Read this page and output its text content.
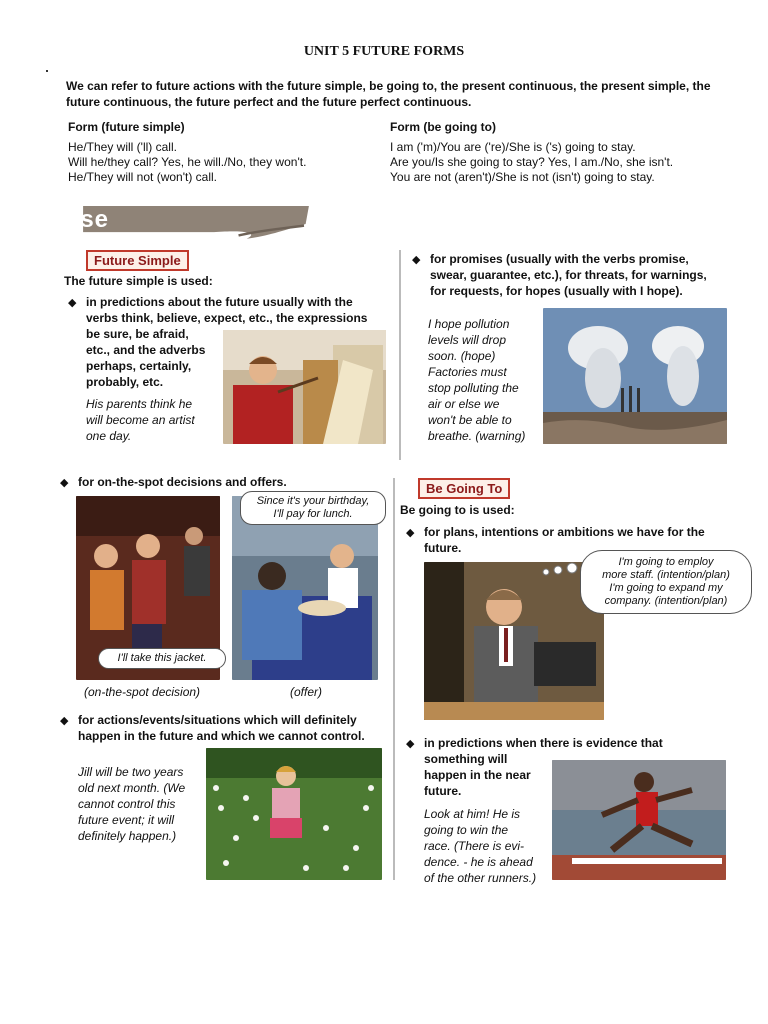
UNIT 5 FUTURE FORMS
We can refer to future actions with the future simple, be going to, the present continuous, the present simple, the future continuous, the future perfect and the future perfect continuous.
Form (future simple)
He/They will ('ll) call.
Will he/they call? Yes, he will./No, they won't.
He/They will not (won't) call.
Form (be going to)
I am ('m)/You are ('re)/She is ('s) going to stay.
Are you/Is she going to stay? Yes, I am./No, she isn't.
You are not (aren't)/She is not (isn't) going to stay.
Use
Future Simple
The future simple is used:
◆ in predictions about the future usually with the
verbs think, believe, expect, etc., the expressions
be sure, be afraid,
etc., and the adverbs
perhaps, certainly,
probably, etc.
His parents think he
will become an artist
one day.
◆ for promises (usually with the verbs promise,
swear, guarantee, etc.), for threats, for warnings,
for requests, for hopes (usually with I hope).
I hope pollution
levels will drop
soon. (hope)
Factories must
stop polluting the
air or else we
won't be able to
breathe. (warning)
◆ for on-the-spot decisions and offers.
I'll take this jacket.
Since it's your birthday,
I'll pay for lunch.
(on-the-spot decision)	(offer)
◆ for actions/events/situations which will definitely
happen in the future and which we cannot control.
Jill will be two years
old next month. (We
cannot control this
future event; it will
definitely happen.)
Be Going To
Be going to is used:
◆ for plans, intentions or ambitions we have for the
future.
I'm going to employ
more staff. (intention/plan)
I'm going to expand my
company. (intention/plan)
◆ in predictions when there is evidence that
something will
happen in the near
future.
Look at him! He is
going to win the
race. (There is evi-
dence. - he is ahead
of the other runners.)
